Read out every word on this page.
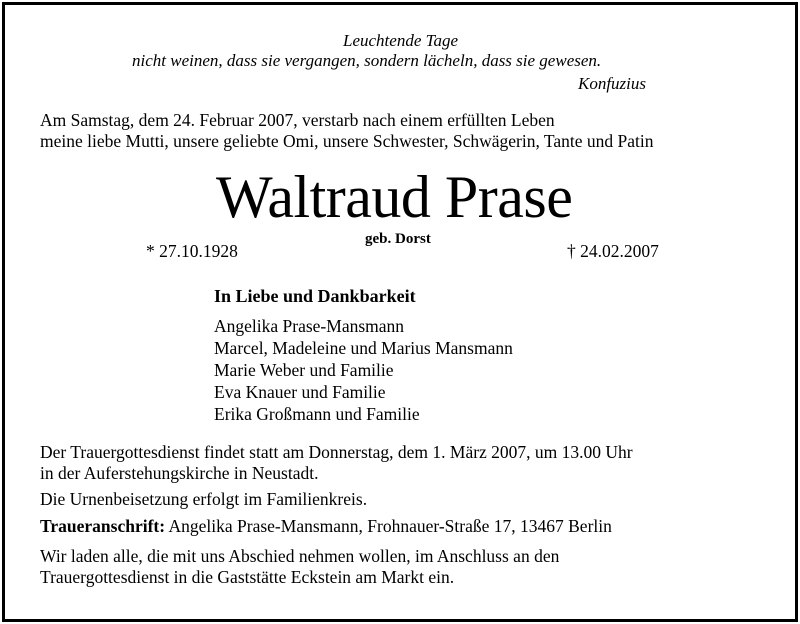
Leuchtende Tage
nicht weinen, dass sie vergangen, sondern lächeln, dass sie gewesen.
Konfuzius
Am Samstag, dem 24. Februar 2007, verstarb nach einem erfüllten Leben
meine liebe Mutti, unsere geliebte Omi, unsere Schwester, Schwägerin, Tante und Patin
Waltraud Prase
geb. Dorst
* 27.10.1928	† 24.02.2007
In Liebe und Dankbarkeit
Angelika Prase-Mansmann
Marcel, Madeleine und Marius Mansmann
Marie Weber und Familie
Eva Knauer und Familie
Erika Großmann und Familie
Der Trauergottesdienst findet statt am Donnerstag, dem 1. März 2007, um 13.00 Uhr
in der Auferstehungskirche in Neustadt.
Die Urnenbeisetzung erfolgt im Familienkreis.
Traueranschrift: Angelika Prase-Mansmann, Frohnauer-Straße 17, 13467 Berlin
Wir laden alle, die mit uns Abschied nehmen wollen, im Anschluss an den
Trauergottesdienst in die Gaststätte Eckstein am Markt ein.
